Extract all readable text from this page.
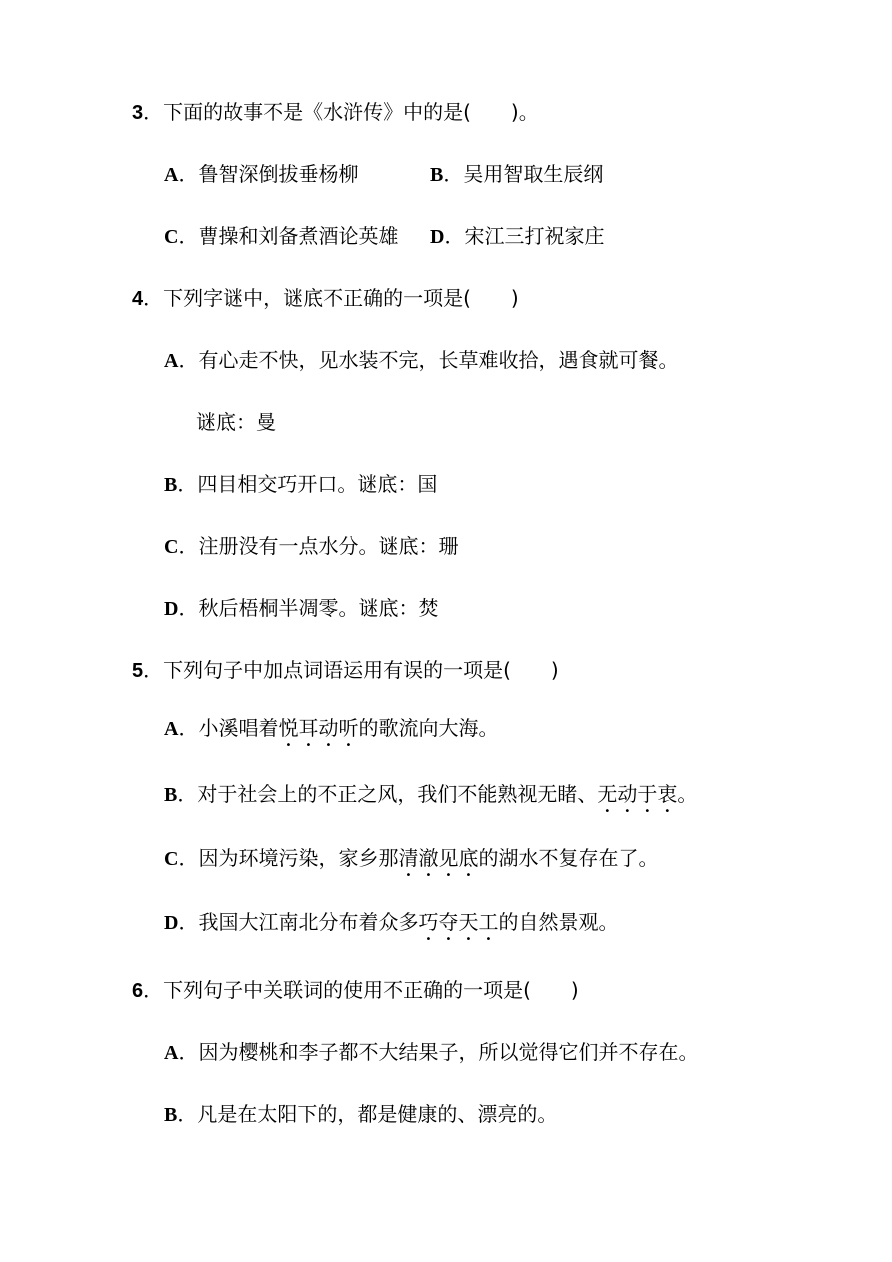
3．下面的故事不是《水浒传》中的是(　　)。
A．鲁智深倒拔垂杨柳	B．吴用智取生辰纲
C．曹操和刘备煮酒论英雄 D．宋江三打祝家庄
4．下列字谜中，谜底不正确的一项是(　　)
A．有心走不快，见水装不完，长草难收拾，遇食就可餐。
谜底：曼
B．四目相交巧开口。谜底：国
C．注册没有一点水分。谜底：珊
D．秋后梧桐半凋零。谜底：焚
5．下列句子中加点词语运用有误的一项是(　　)
A．小溪唱着悦耳动听的歌流向大海。
B．对于社会上的不正之风，我们不能熟视无睹、无动于衷。
C．因为环境污染，家乡那清澈见底的湖水不复存在了。
D．我国大江南北分布着众多巧夺天工的自然景观。
6．下列句子中关联词的使用不正确的一项是(　　)
A．因为樱桃和李子都不大结果子，所以觉得它们并不存在。
B．凡是在太阳下的，都是健康的、漂亮的。
